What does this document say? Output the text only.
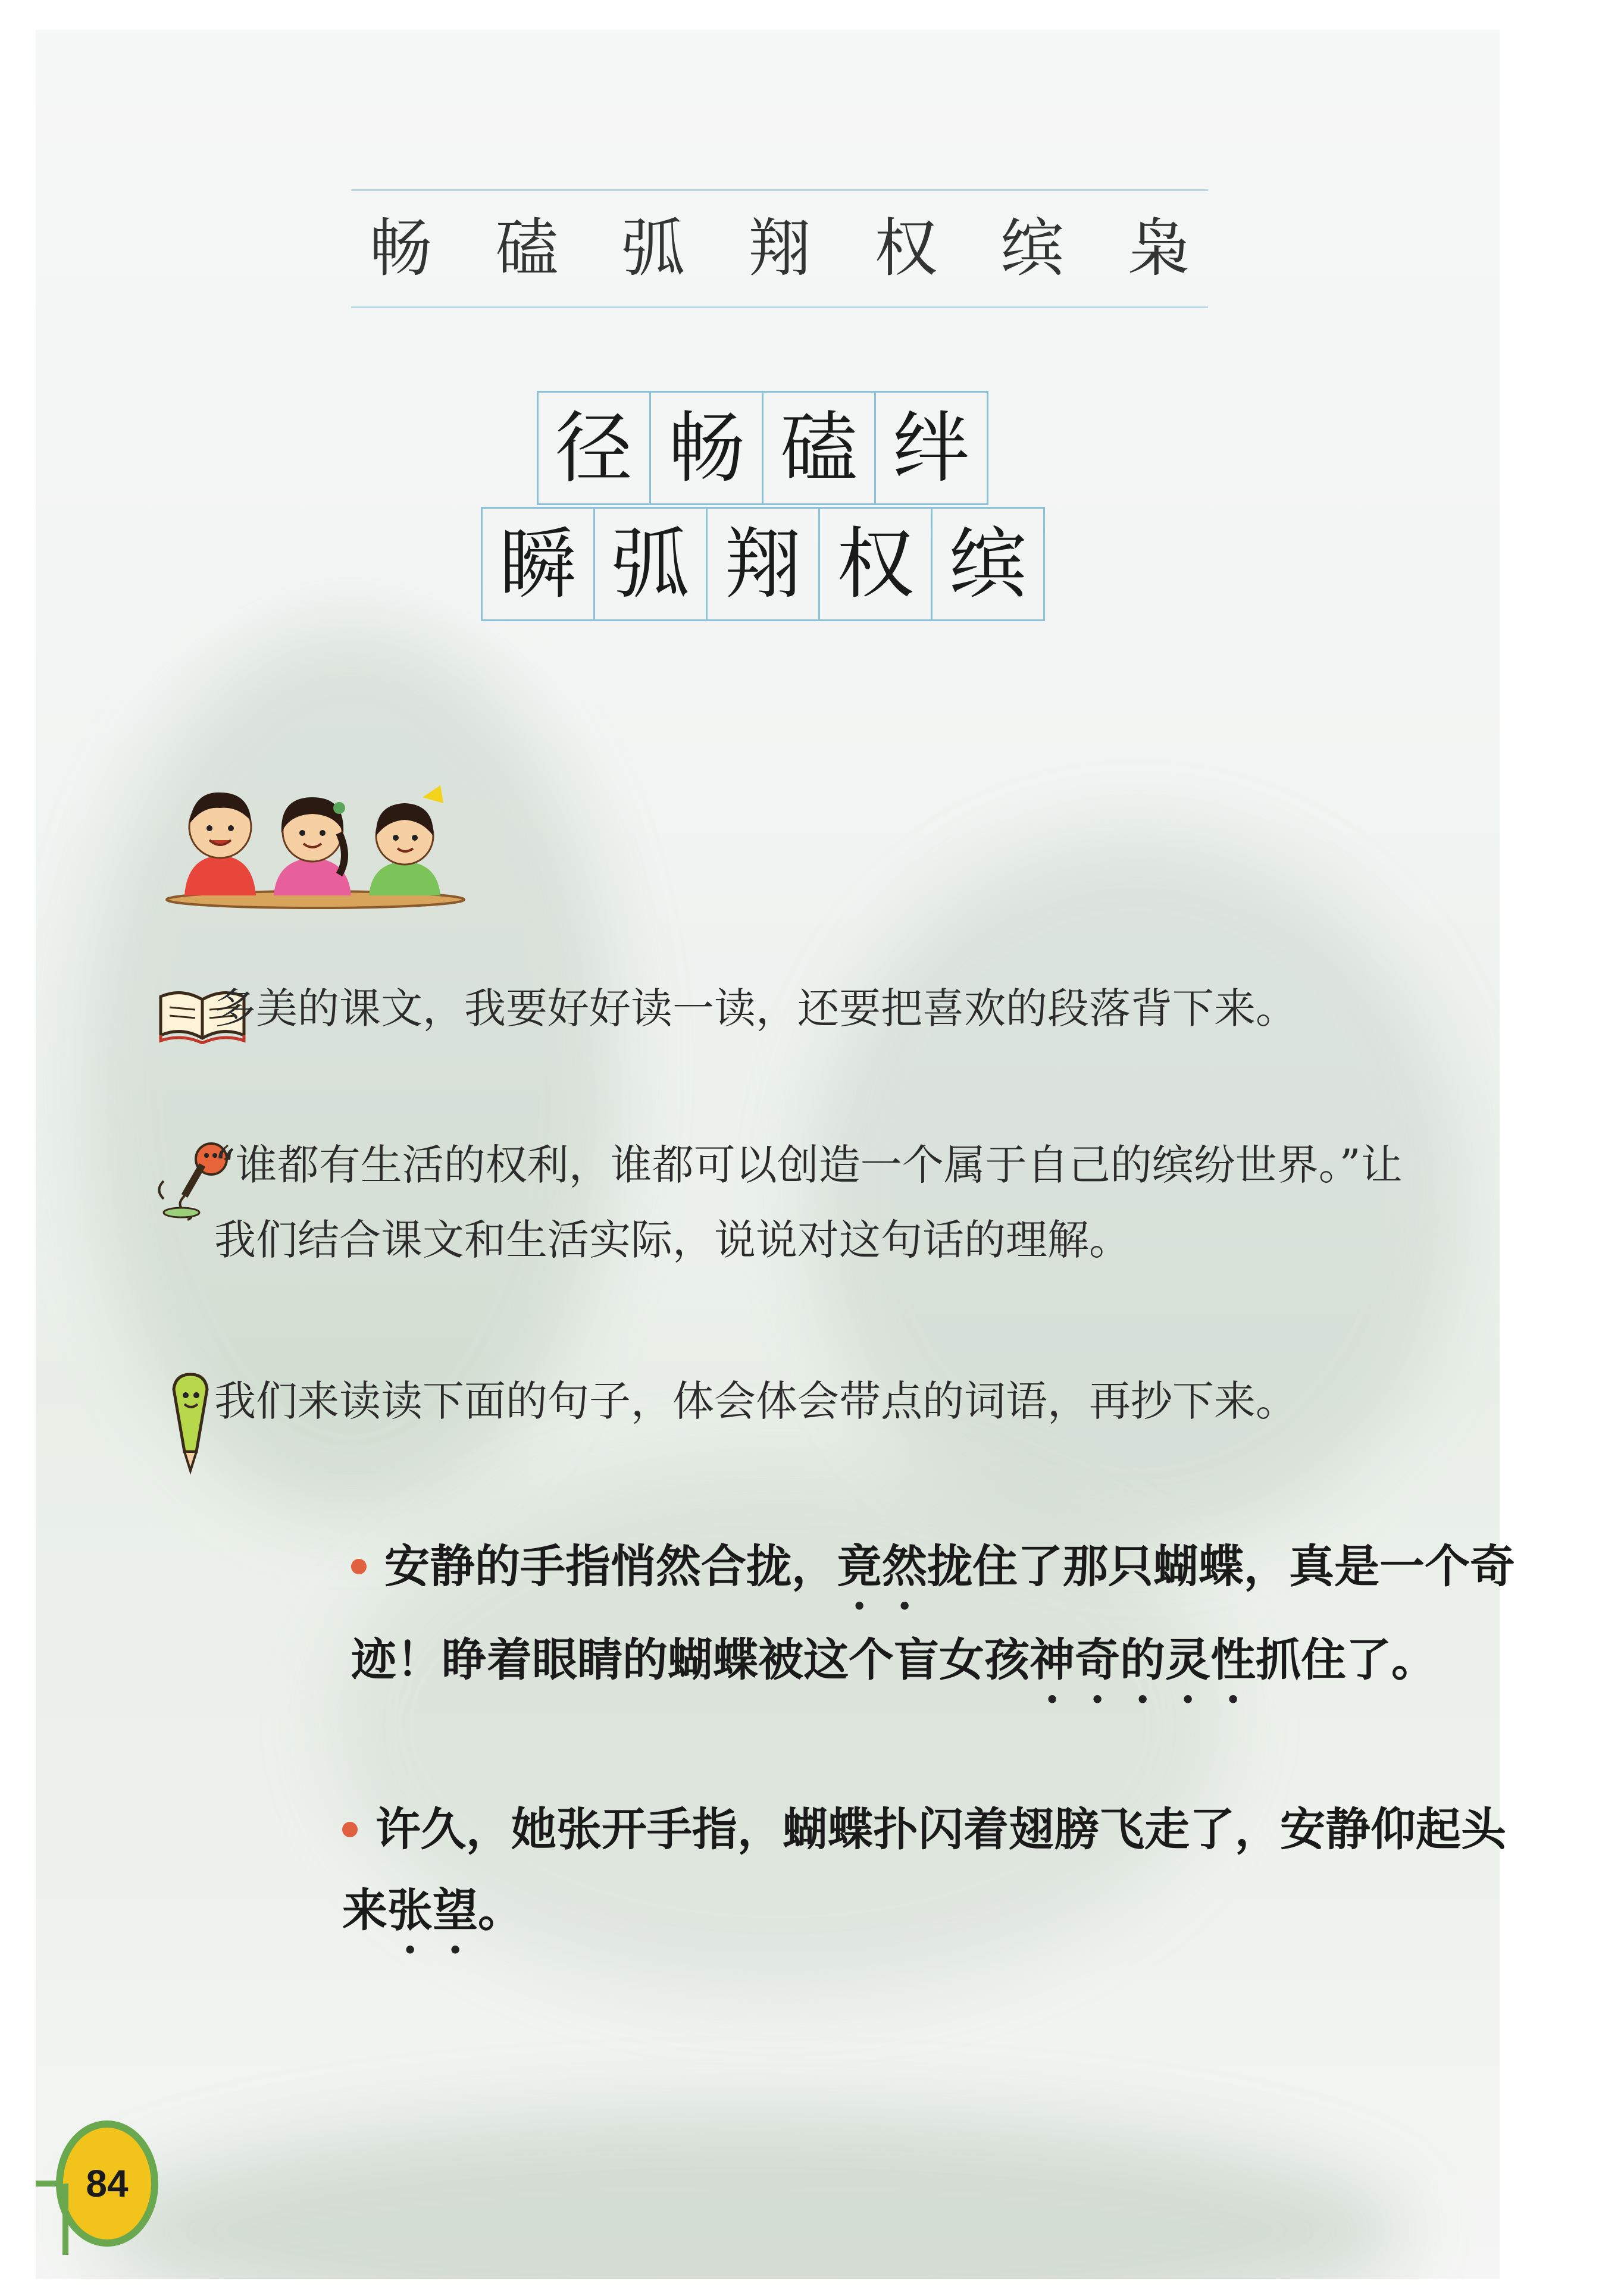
畅 磕 弧 翔 权 缤 枭
径 畅 磕 绊
瞬 弧 翔 权 缤
多美的课文，我要好好读一读，还要把喜欢的段落背下来。
“谁都有生活的权利，谁都可以创造一个属于自己的缤纷世界。”让我们结合课文和生活实际，说说对这句话的理解。
我们来读读下面的句子，体会体会带点的词语，再抄下来。
安静的手指悄然合拢，竟然拢住了那只蝴蝶，真是一个奇迹！睁着眼睛的蝴蝶被这个盲女孩神奇的灵性抓住了。
许久，她张开手指，蝴蝶扑闪着翅膀飞走了，安静仰起头来张望。
84
